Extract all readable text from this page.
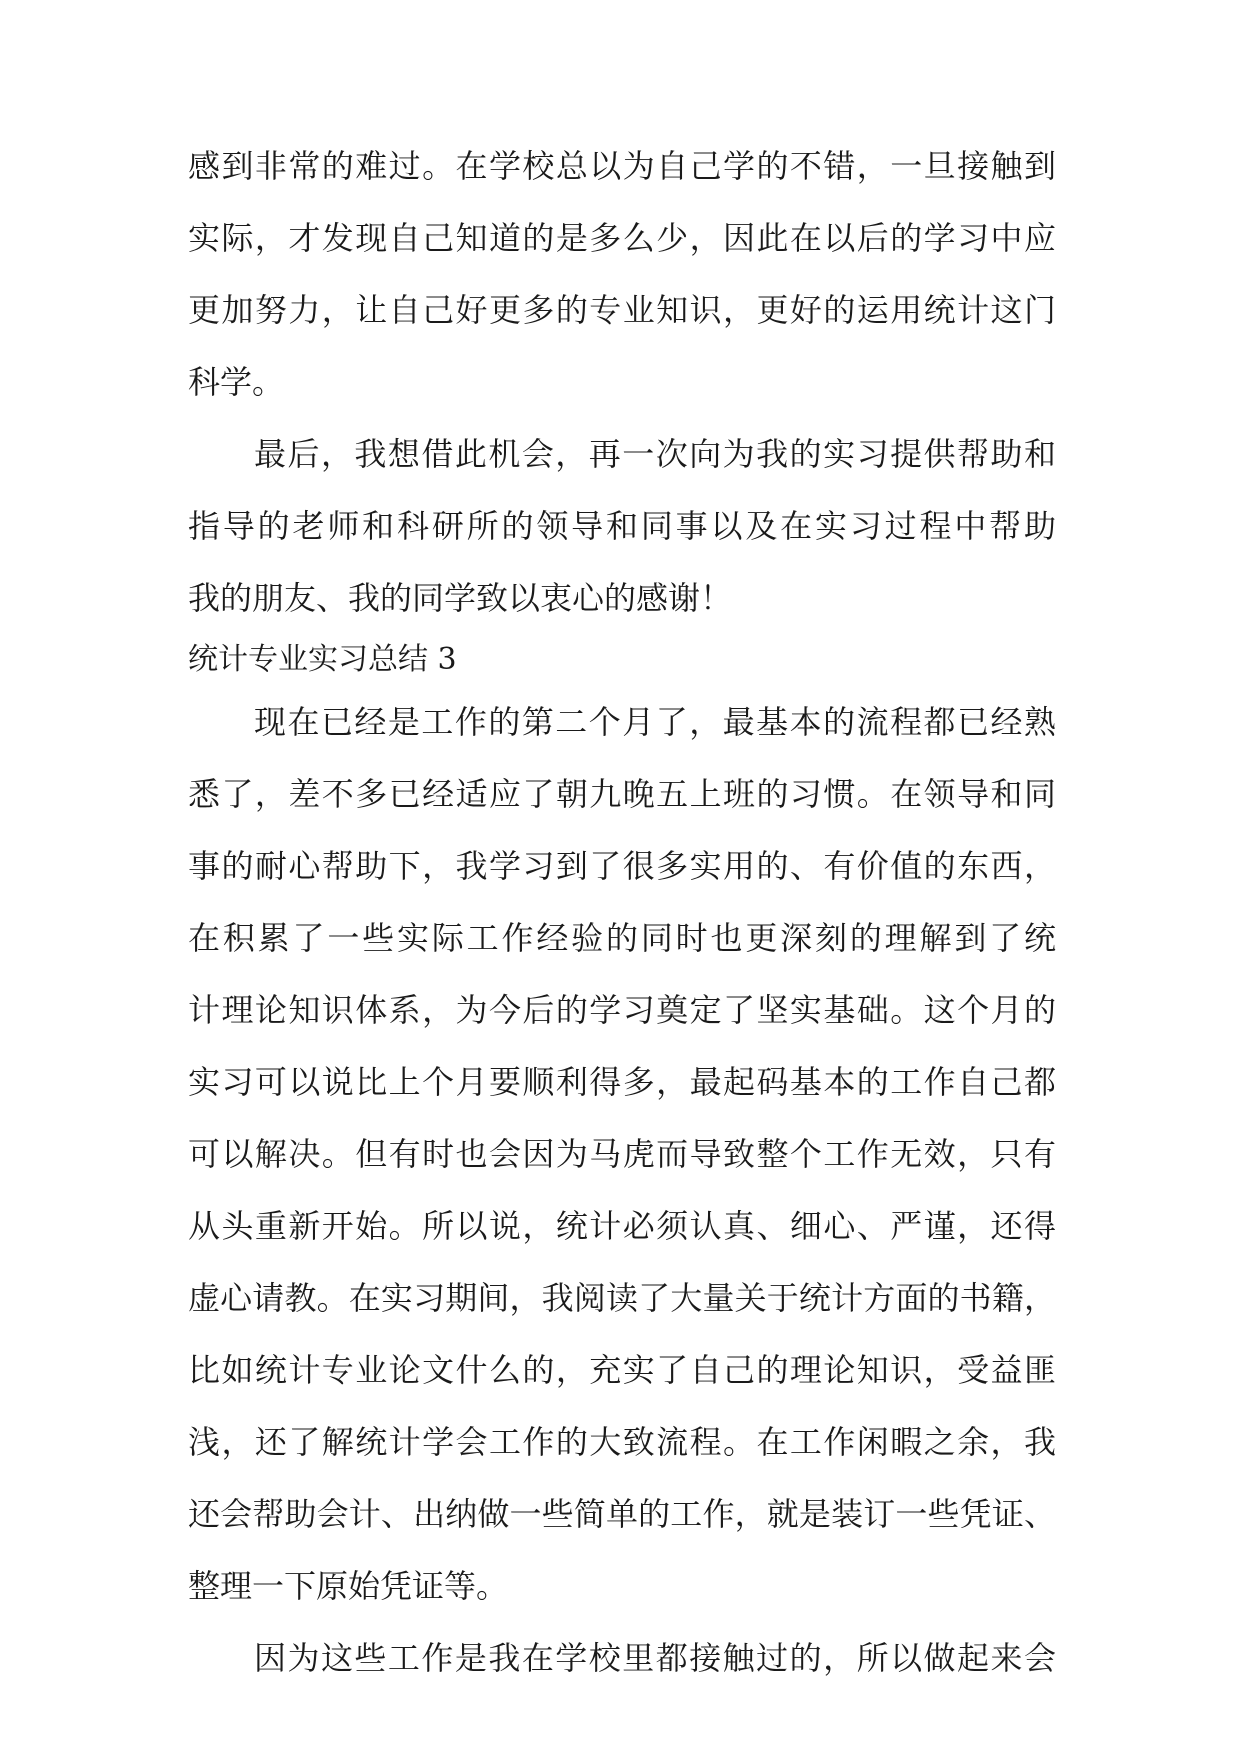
感到非常的难过。在学校总以为自己学的不错，一旦接触到
实际，才发现自己知道的是多么少，因此在以后的学习中应
更加努力，让自己好更多的专业知识，更好的运用统计这门
科学。
最后，我想借此机会，再一次向为我的实习提供帮助和
指导的老师和科研所的领导和同事以及在实习过程中帮助
我的朋友、我的同学致以衷心的感谢！
统计专业实习总结 3
现在已经是工作的第二个月了，最基本的流程都已经熟
悉了，差不多已经适应了朝九晚五上班的习惯。在领导和同
事的耐心帮助下，我学习到了很多实用的、有价值的东西，
在积累了一些实际工作经验的同时也更深刻的理解到了统
计理论知识体系，为今后的学习奠定了坚实基础。这个月的
实习可以说比上个月要顺利得多，最起码基本的工作自己都
可以解决。但有时也会因为马虎而导致整个工作无效，只有
从头重新开始。所以说，统计必须认真、细心、严谨，还得
虚心请教。在实习期间，我阅读了大量关于统计方面的书籍，
比如统计专业论文什么的，充实了自己的理论知识，受益匪
浅，还了解统计学会工作的大致流程。在工作闲暇之余，我
还会帮助会计、出纳做一些简单的工作，就是装订一些凭证、
整理一下原始凭证等。
因为这些工作是我在学校里都接触过的，所以做起来会
